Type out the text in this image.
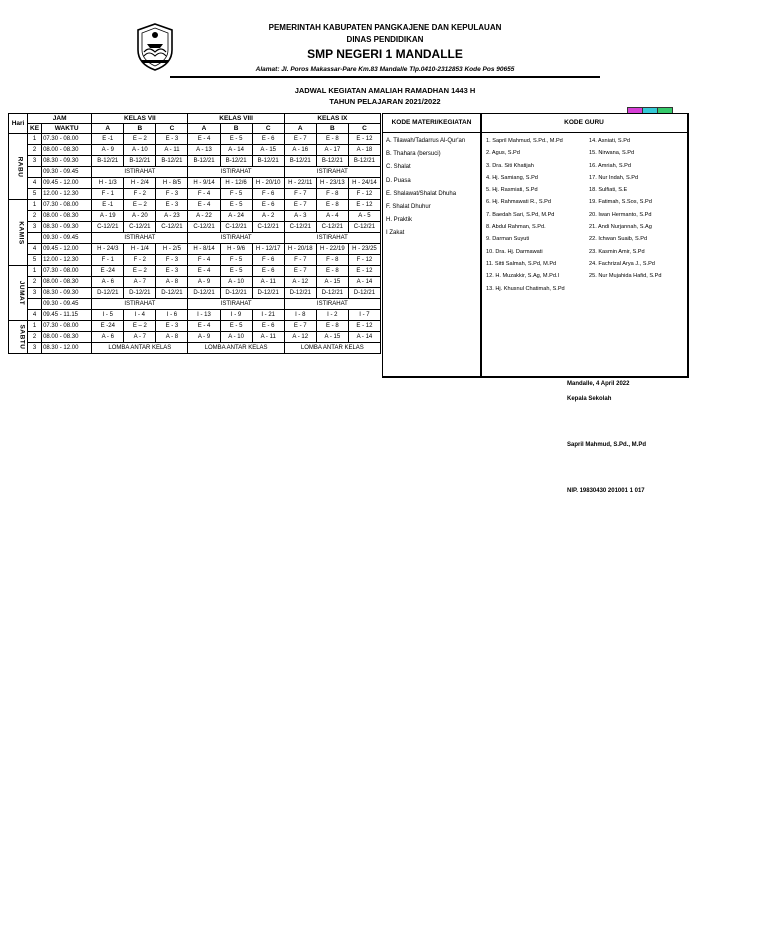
PEMERINTAH KABUPATEN PANGKAJENE DAN KEPULAUAN
DINAS PENDIDIKAN
SMP NEGERI 1 MANDALLE
Alamat: Jl. Poros Makassar-Pare Km.83 Mandalle Tlp.0410-2312853 Kode Pos 90655
JADWAL KEGIATAN AMALIAH RAMADHAN 1443 H
TAHUN PELAJARAN 2021/2022
Hari	JAM		KELAS VII			KELAS VIII			KELAS IX		
	KE	WAKTU	A	B	C	A	B	C	A	B	C
RABU	1	07.30 - 08.00	E -1	E – 2	E - 3	E - 4	E - 5	E - 6	E - 7	E - 8	E - 12
	2	08.00 - 08.30	A - 9	A - 10	A - 11	A - 13	A - 14	A - 15	A - 16	A - 17	A - 18
	3	08.30 - 09.30	B-12/21	B-12/21	B-12/21	B-12/21	B-12/21	B-12/21	B-12/21	B-12/21	B-12/21
		09.30 - 09.45	ISTIRAHAT			ISTIRAHAT			ISTIRAHAT		
	4	09.45 - 12.00	H - 1/3	H - 2/4	H - 8/5	H - 9/14	H - 12/6	H - 20/10	H - 22/11	H - 23/13	H - 24/14
	5	12.00 - 12.30	F - 1	F - 2	F - 3	F - 4	F - 5	F - 6	F - 7	F - 8	F - 12
KAMIS	1	07.30 - 08.00	E -1	E – 2	E - 3	E - 4	E - 5	E - 6	E - 7	E - 8	E - 12
	2	08.00 - 08.30	A - 19	A - 20	A - 23	A - 22	A - 24	A - 2	A - 3	A - 4	A - 5
	3	08.30 - 09.30	C-12/21	C-12/21	C-12/21	C-12/21	C-12/21	C-12/21	C-12/21	C-12/21	C-12/21
		09.30 - 09.45	ISTIRAHAT			ISTIRAHAT			ISTIRAHAT		
	4	09.45 - 12.00	H - 24/3	H - 1/4	H - 2/5	H - 8/14	H - 9/6	H - 12/17	H - 20/18	H - 22/19	H - 23/25
	5	12.00 - 12.30	F - 1	F - 2	F - 3	F - 4	F - 5	F - 6	F - 7	F - 8	F - 12
JUMAT	1	07.30 - 08.00	E -24	E – 2	E - 3	E - 4	E - 5	E - 6	E - 7	E - 8	E - 12
	2	08.00 - 08.30	A - 6	A - 7	A - 8	A - 9	A - 10	A - 11	A - 12	A - 15	A - 14
	3	08.30 - 09.30	D-12/21	D-12/21	D-12/21	D-12/21	D-12/21	D-12/21	D-12/21	D-12/21	D-12/21
		09.30 - 09.45	ISTIRAHAT			ISTIRAHAT			ISTIRAHAT		
	4	09.45 - 11.15	I - 5	I - 4	I - 6	I - 13	I - 9	I - 21	I - 8	I - 2	I - 7
SABTU	1	07.30 - 08.00	E -24	E – 2	E - 3	E - 4	E - 5	E - 6	E - 7	E - 8	E - 12
	2	08.00 - 08.30	A - 6	A - 7	A - 8	A - 9	A - 10	A - 11	A - 12	A - 15	A - 14
	3	08.30 - 12.00	LOMBA ANTAR KELAS			LOMBA ANTAR KELAS			LOMBA ANTAR KELAS		
KODE MATERI/KEGIATAN
A. Tilawah/Tadarrus Al-Qur'an
B. Thahara (bersuci)
C. Shalat
D. Puasa
E. Shalawat/Shalat Dhuha
F. Shalat Dhuhur
H. Praktik
I Zakat
KODE GURU
1. Sapril Mahmud, S.Pd., M.Pd
2. Agus, S.Pd
3. Dra. Siti Khatijah
4. Hj. Samiang, S.Pd
5. Hj. Rasmiati, S.Pd
6. Hj. Rahmawati R., S.Pd
7. Baedah Sari, S.Pd, M.Pd
8. Abdul Rahman, S.Pd.
9. Darman Suyuti
10. Dra. Hj. Darmawati
11. Sitti Salmah, S.Pd, M.Pd
12. H. Muzakkir, S.Ag, M.Pd.I
13. Hj. Khusnul Chatimah, S.Pd
14. Asniati, S.Pd
15. Nirwana, S.Pd
16. Amriah, S.Pd
17. Nur Indah, S.Pd
18. Sulfiati, S.E
19. Fatimah, S.Sos, S.Pd
20. Iwan Hermanto, S.Pd
21. Andi Nurjannah, S.Ag
22. Ichwan Suaib, S.Pd
23. Kasmin Amir, S.Pd
24. Fachrizal Arya J., S.Pd
25. Nur Mujahida Hafid, S.Pd
Mandalle, 4 April 2022
Kepala Sekolah
Sapril Mahmud, S.Pd., M.Pd
NIP. 19830430 201001 1 017
